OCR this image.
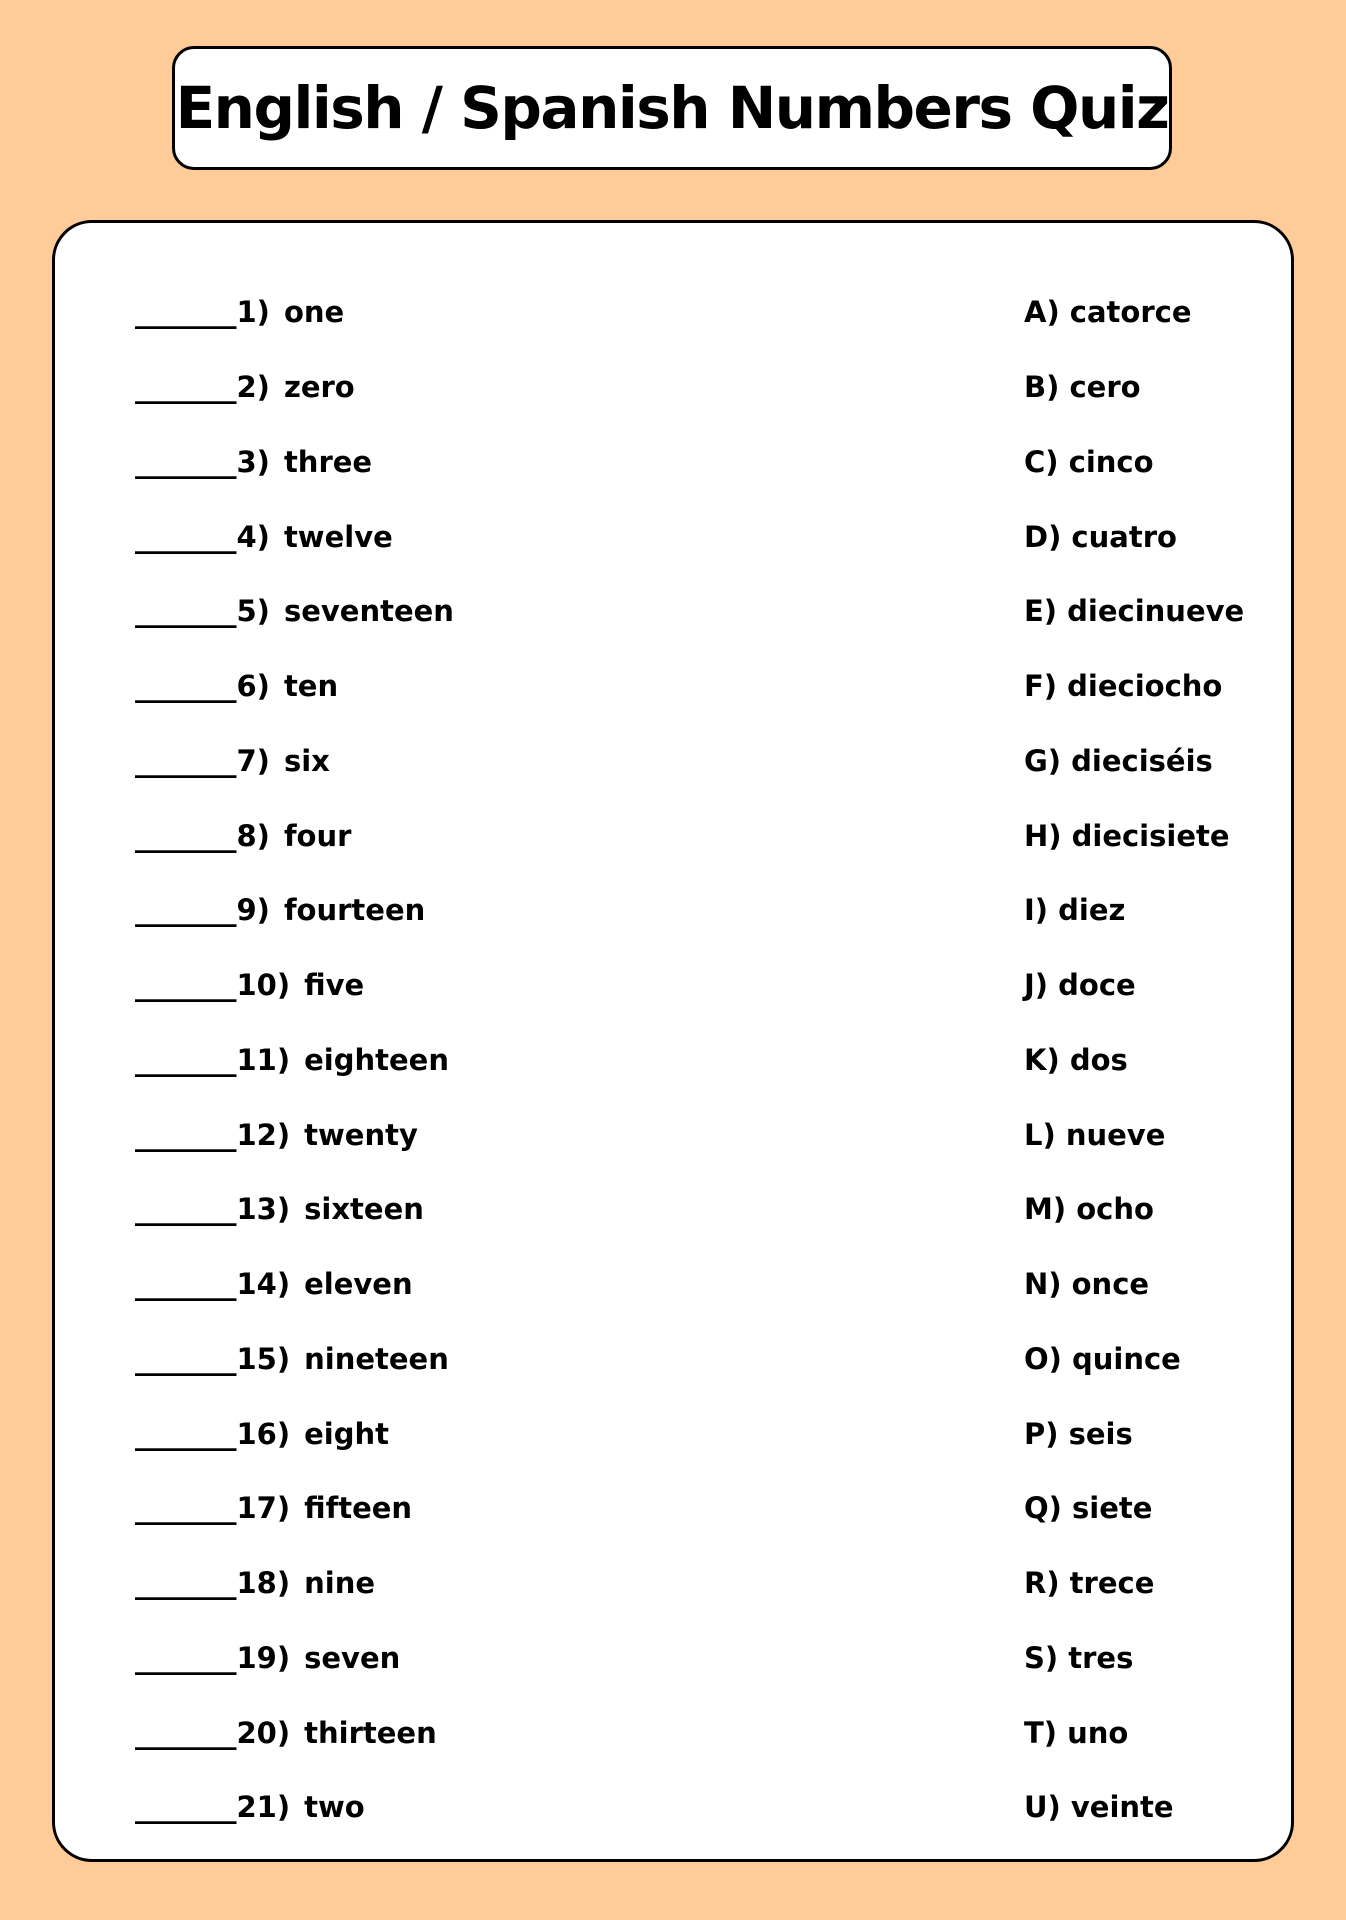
English / Spanish Numbers Quiz
_______ 1) one
_______ 2) zero
_______ 3) three
_______ 4) twelve
_______ 5) seventeen
_______ 6) ten
_______ 7) six
_______ 8) four
_______ 9) fourteen
_______ 10) five
_______ 11) eighteen
_______ 12) twenty
_______ 13) sixteen
_______ 14) eleven
_______ 15) nineteen
_______ 16) eight
_______ 17) fifteen
_______ 18) nine
_______ 19) seven
_______ 20) thirteen
_______ 21) two
A) catorce
B) cero
C) cinco
D) cuatro
E) diecinueve
F) dieciocho
G) dieciséis
H) diecisiete
I) diez
J) doce
K) dos
L) nueve
M) ocho
N) once
O) quince
P) seis
Q) siete
R) trece
S) tres
T) uno
U) veinte
